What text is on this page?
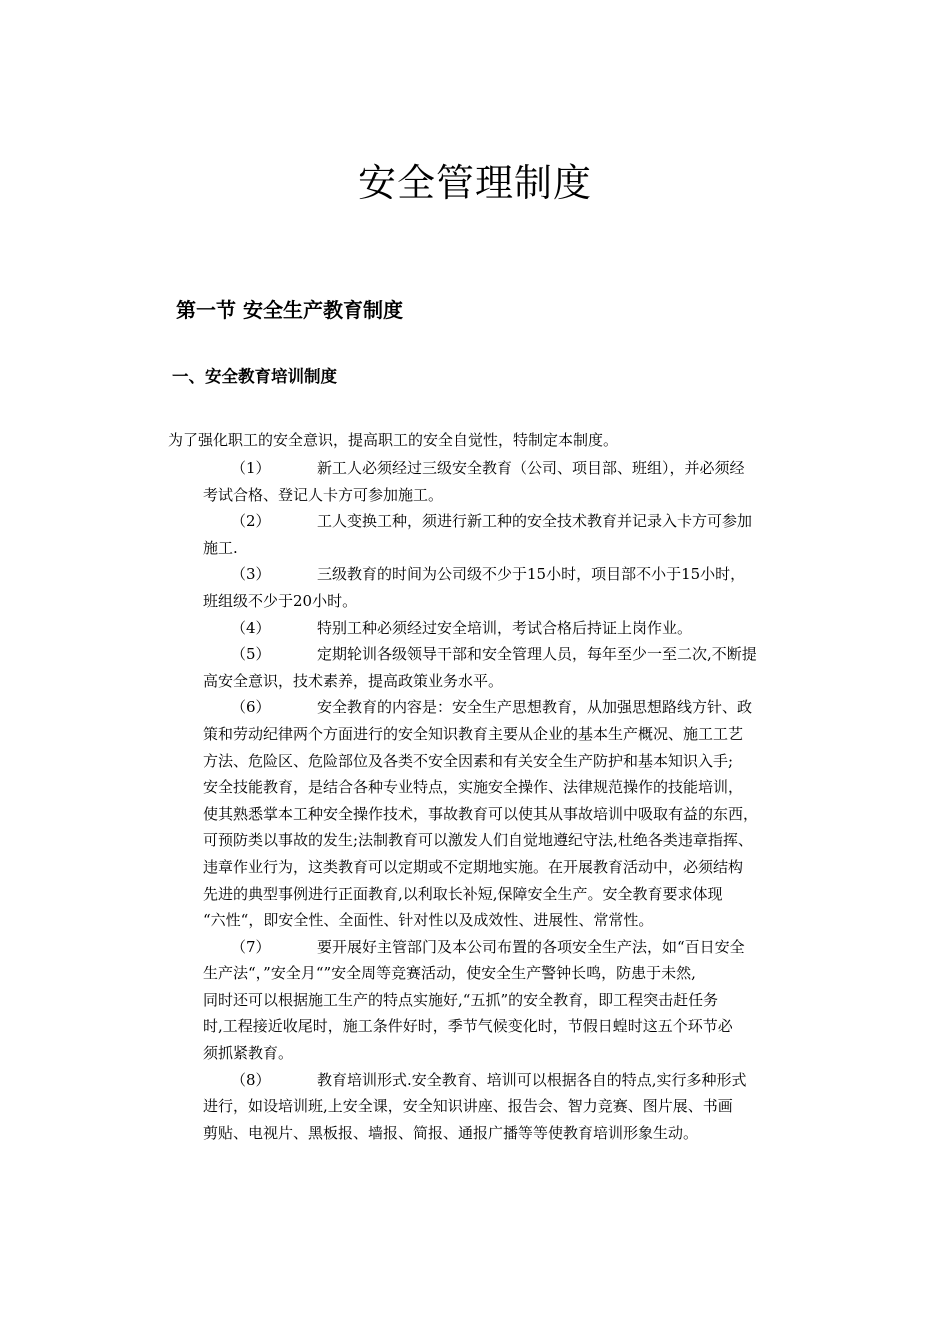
安全管理制度
第一节 安全生产教育制度
一、安全教育培训制度
为了强化职工的安全意识，提高职工的安全自觉性，特制定本制度。
（1）	新工人必须经过三级安全教育（公司、项目部、班组），并必须经
考试合格、登记人卡方可参加施工。
（2）	工人变换工种，须进行新工种的安全技术教育并记录入卡方可参加
施工.
（3）	三级教育的时间为公司级不少于15小时，项目部不小于15小时，
班组级不少于20小时。
（4）	特别工种必须经过安全培训，考试合格后持证上岗作业。
（5）	定期轮训各级领导干部和安全管理人员，每年至少一至二次,不断提
高安全意识，技术素养，提高政策业务水平。
（6）	安全教育的内容是：安全生产思想教育，从加强思想路线方针、政
策和劳动纪律两个方面进行的安全知识教育主要从企业的基本生产概况、施工工艺
方法、危险区、危险部位及各类不安全因素和有关安全生产防护和基本知识入手;
安全技能教育，是结合各种专业特点，实施安全操作、法律规范操作的技能培训，
使其熟悉掌本工种安全操作技术，事故教育可以使其从事故培训中吸取有益的东西，
可预防类以事故的发生;法制教育可以激发人们自觉地遵纪守法,杜绝各类违章指挥、
违章作业行为，这类教育可以定期或不定期地实施。在开展教育活动中，必须结构
先进的典型事例进行正面教育,以利取长补短,保障安全生产。安全教育要求体现
“六性“，即安全性、全面性、针对性以及成效性、进展性、常常性。
（7）	要开展好主管部门及本公司布置的各项安全生产法，如“百日安全
生产法“，”安全月“”安全周等竞赛活动，使安全生产警钟长鸣，防患于未然,
同时还可以根据施工生产的特点实施好,“五抓”的安全教育，即工程突击赶任务
时,工程接近收尾时，施工条件好时，季节气候变化时，节假日蝗时这五个环节必
须抓紧教育。
（8）	教育培训形式.安全教育、培训可以根据各自的特点,实行多种形式
进行，如设培训班,上安全课，安全知识讲座、报告会、智力竞赛、图片展、书画
剪贴、电视片、黑板报、墙报、简报、通报广播等等使教育培训形象生动。
